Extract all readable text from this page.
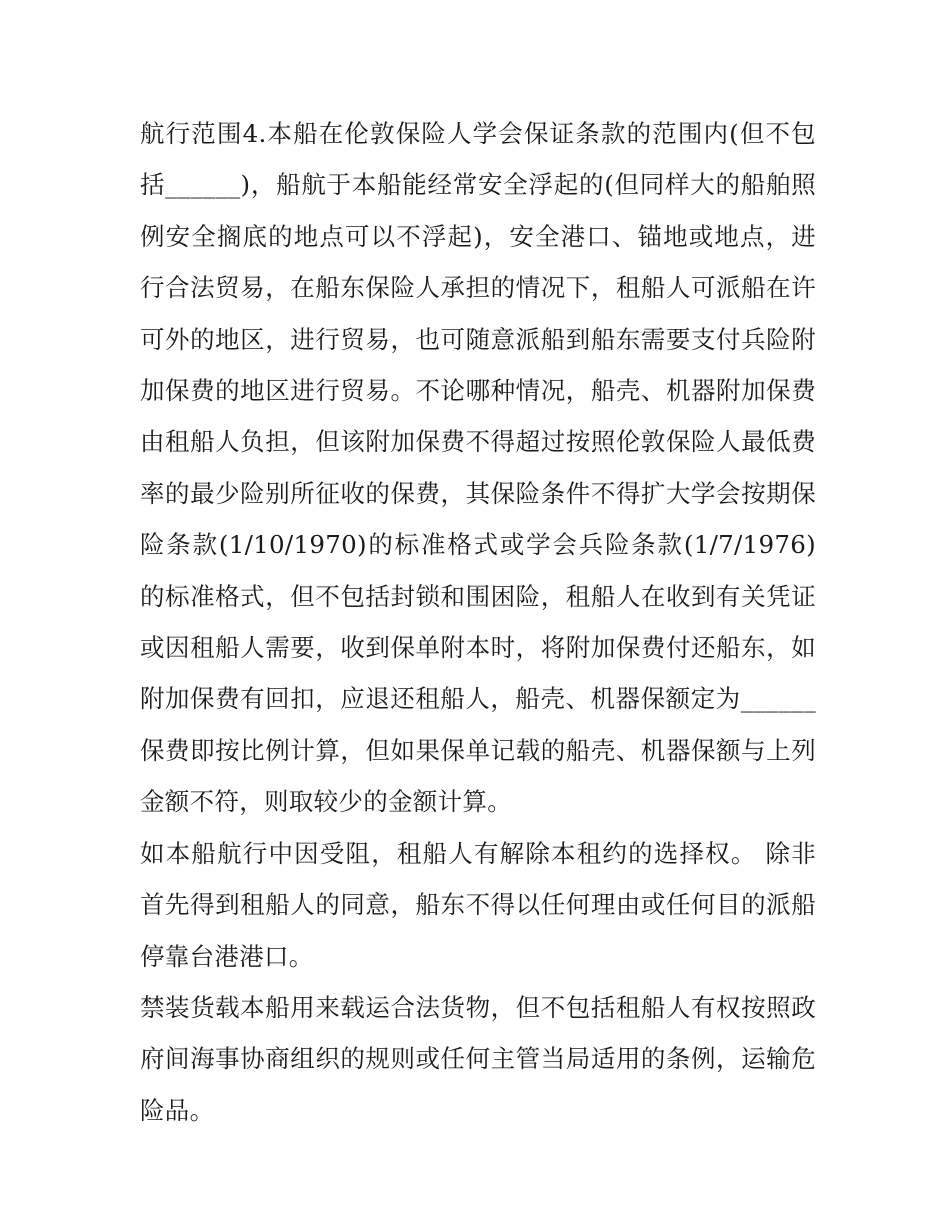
航行范围4.本船在伦敦保险人学会保证条款的范围内(但不包括______)，船航于本船能经常安全浮起的(但同样大的船舶照例安全搁底的地点可以不浮起)，安全港口、锚地或地点，进行合法贸易，在船东保险人承担的情况下，租船人可派船在许可外的地区，进行贸易，也可随意派船到船东需要支付兵险附加保费的地区进行贸易。不论哪种情况，船壳、机器附加保费由租船人负担，但该附加保费不得超过按照伦敦保险人最低费率的最少险别所征收的保费，其保险条件不得扩大学会按期保险条款(1/10/1970)的标准格式或学会兵险条款(1/7/1976)的标准格式，但不包括封锁和围困险，租船人在收到有关凭证或因租船人需要，收到保单附本时，将附加保费付还船东，如附加保费有回扣，应退还租船人，船壳、机器保额定为______保费即按比例计算，但如果保单记载的船壳、机器保额与上列金额不符，则取较少的金额计算。

如本船航行中因受阻，租船人有解除本租约的选择权。 除非首先得到租船人的同意，船东不得以任何理由或任何目的派船停靠台港港口。

禁装货载本船用来载运合法货物，但不包括租船人有权按照政府间海事协商组织的规则或任何主管当局适用的条例，运输危险品。
